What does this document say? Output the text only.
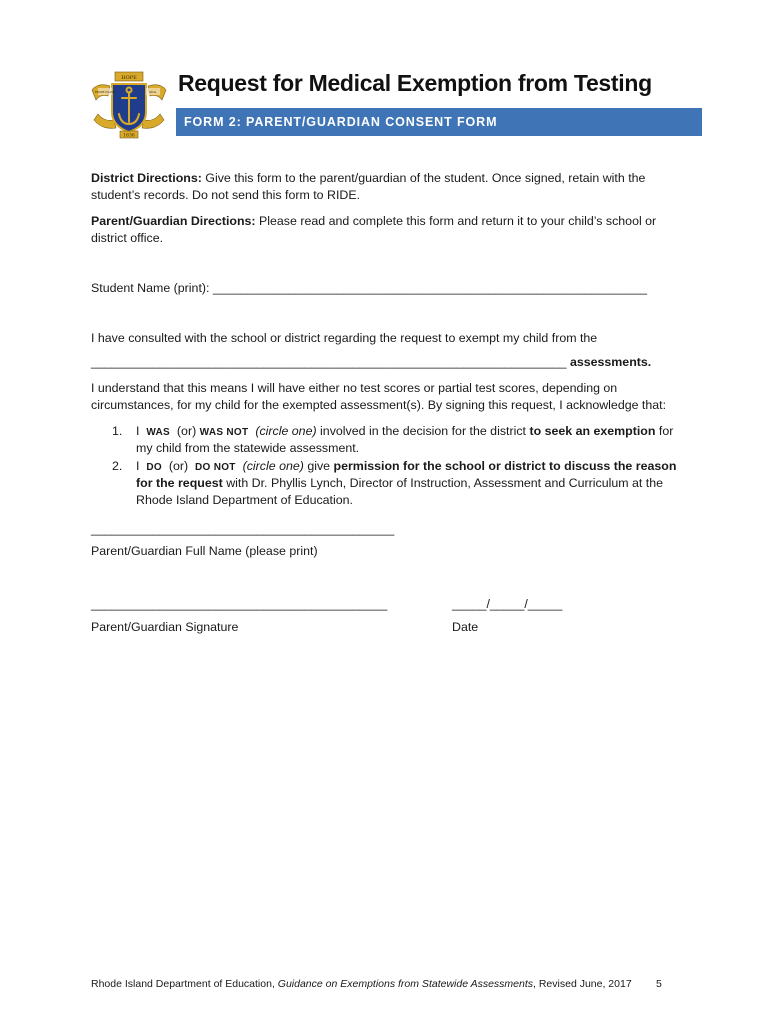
HOPE
RHODE ISLAND	SEAL
1636
Request for Medical Exemption from Testing
FORM 2: PARENT/GUARDIAN CONSENT FORM
District Directions: Give this form to the parent/guardian of the student. Once signed, retain with the
student’s records. Do not send this form to RIDE.
Parent/Guardian Directions: Please read and complete this form and return it to your child’s school or
district office.
Student Name (print): _______________________________________________________________
I have consulted with the school or district regarding the request to exempt my child from the
_____________________________________________________________________ assessments.
I understand that this means I will have either no test scores or partial test scores, depending on
circumstances, for my child for the exempted assessment(s). By signing this request, I acknowledge that:
1. I WAS (or) WAS NOT (circle one) involved in the decision for the district to seek an exemption for
my child from the statewide assessment.
2. I DO (or) DO NOT (circle one) give permission for the school or district to discuss the reason
for the request with Dr. Phyllis Lynch, Director of Instruction, Assessment and Curriculum at the
Rhode Island Department of Education.
____________________________________________
Parent/Guardian Full Name (please print)
___________________________________________
Parent/Guardian Signature
_____/_____/_____
Date
Rhode Island Department of Education, Guidance on Exemptions from Statewide Assessments, Revised June, 2017 5
